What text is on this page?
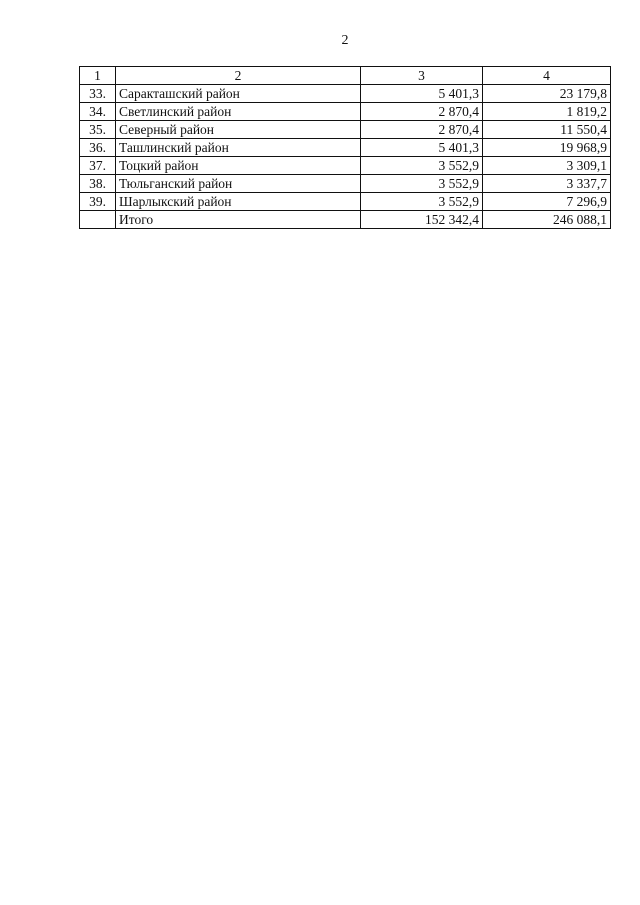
2
1	2	3	4
33.	Саракташский район	5 401,3	23 179,8
34.	Светлинский район	2 870,4	1 819,2
35.	Северный район	2 870,4	11 550,4
36.	Ташлинский район	5 401,3	19 968,9
37.	Тоцкий район	3 552,9	3 309,1
38.	Тюльганский район	3 552,9	3 337,7
39.	Шарлыкский район	3 552,9	7 296,9
	Итого	152 342,4	246 088,1
